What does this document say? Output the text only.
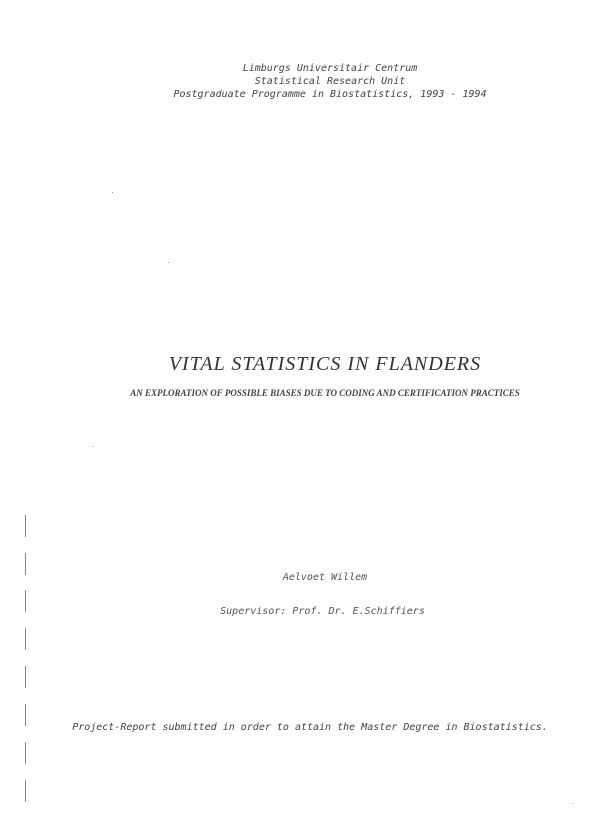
Limburgs Universitair Centrum
Statistical Research Unit
Postgraduate Programme in Biostatistics, 1993 - 1994
VITAL STATISTICS IN FLANDERS
AN EXPLORATION OF POSSIBLE BIASES DUE TO CODING AND CERTIFICATION PRACTICES
Aelvoet Willem
Supervisor: Prof. Dr. E.Schiffiers
Project-Report submitted in order to attain the Master Degree in Biostatistics.
